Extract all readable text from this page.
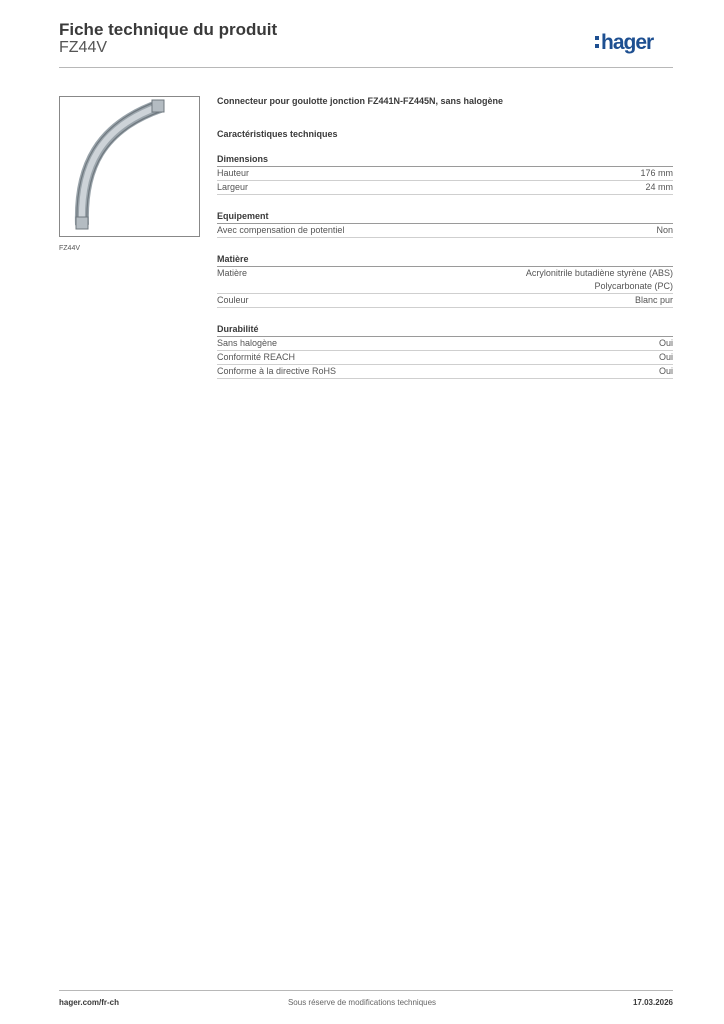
Fiche technique du produit
FZ44V	hager
FZ44V
Connecteur pour goulotte jonction FZ441N-FZ445N, sans halogène
Caractéristiques techniques
Dimensions
Hauteur	176 mm
Largeur	24 mm
Equipement
Avec compensation de potentiel	Non
Matière
Matière	Acrylonitrile butadiène styrène (ABS)
Polycarbonate (PC)
Couleur	Blanc pur
Durabilité
Sans halogène	Oui
Conformité REACH	Oui
Conforme à la directive RoHS	Oui
hager.com/fr-ch	Sous réserve de modifications techniques	17.03.2026
